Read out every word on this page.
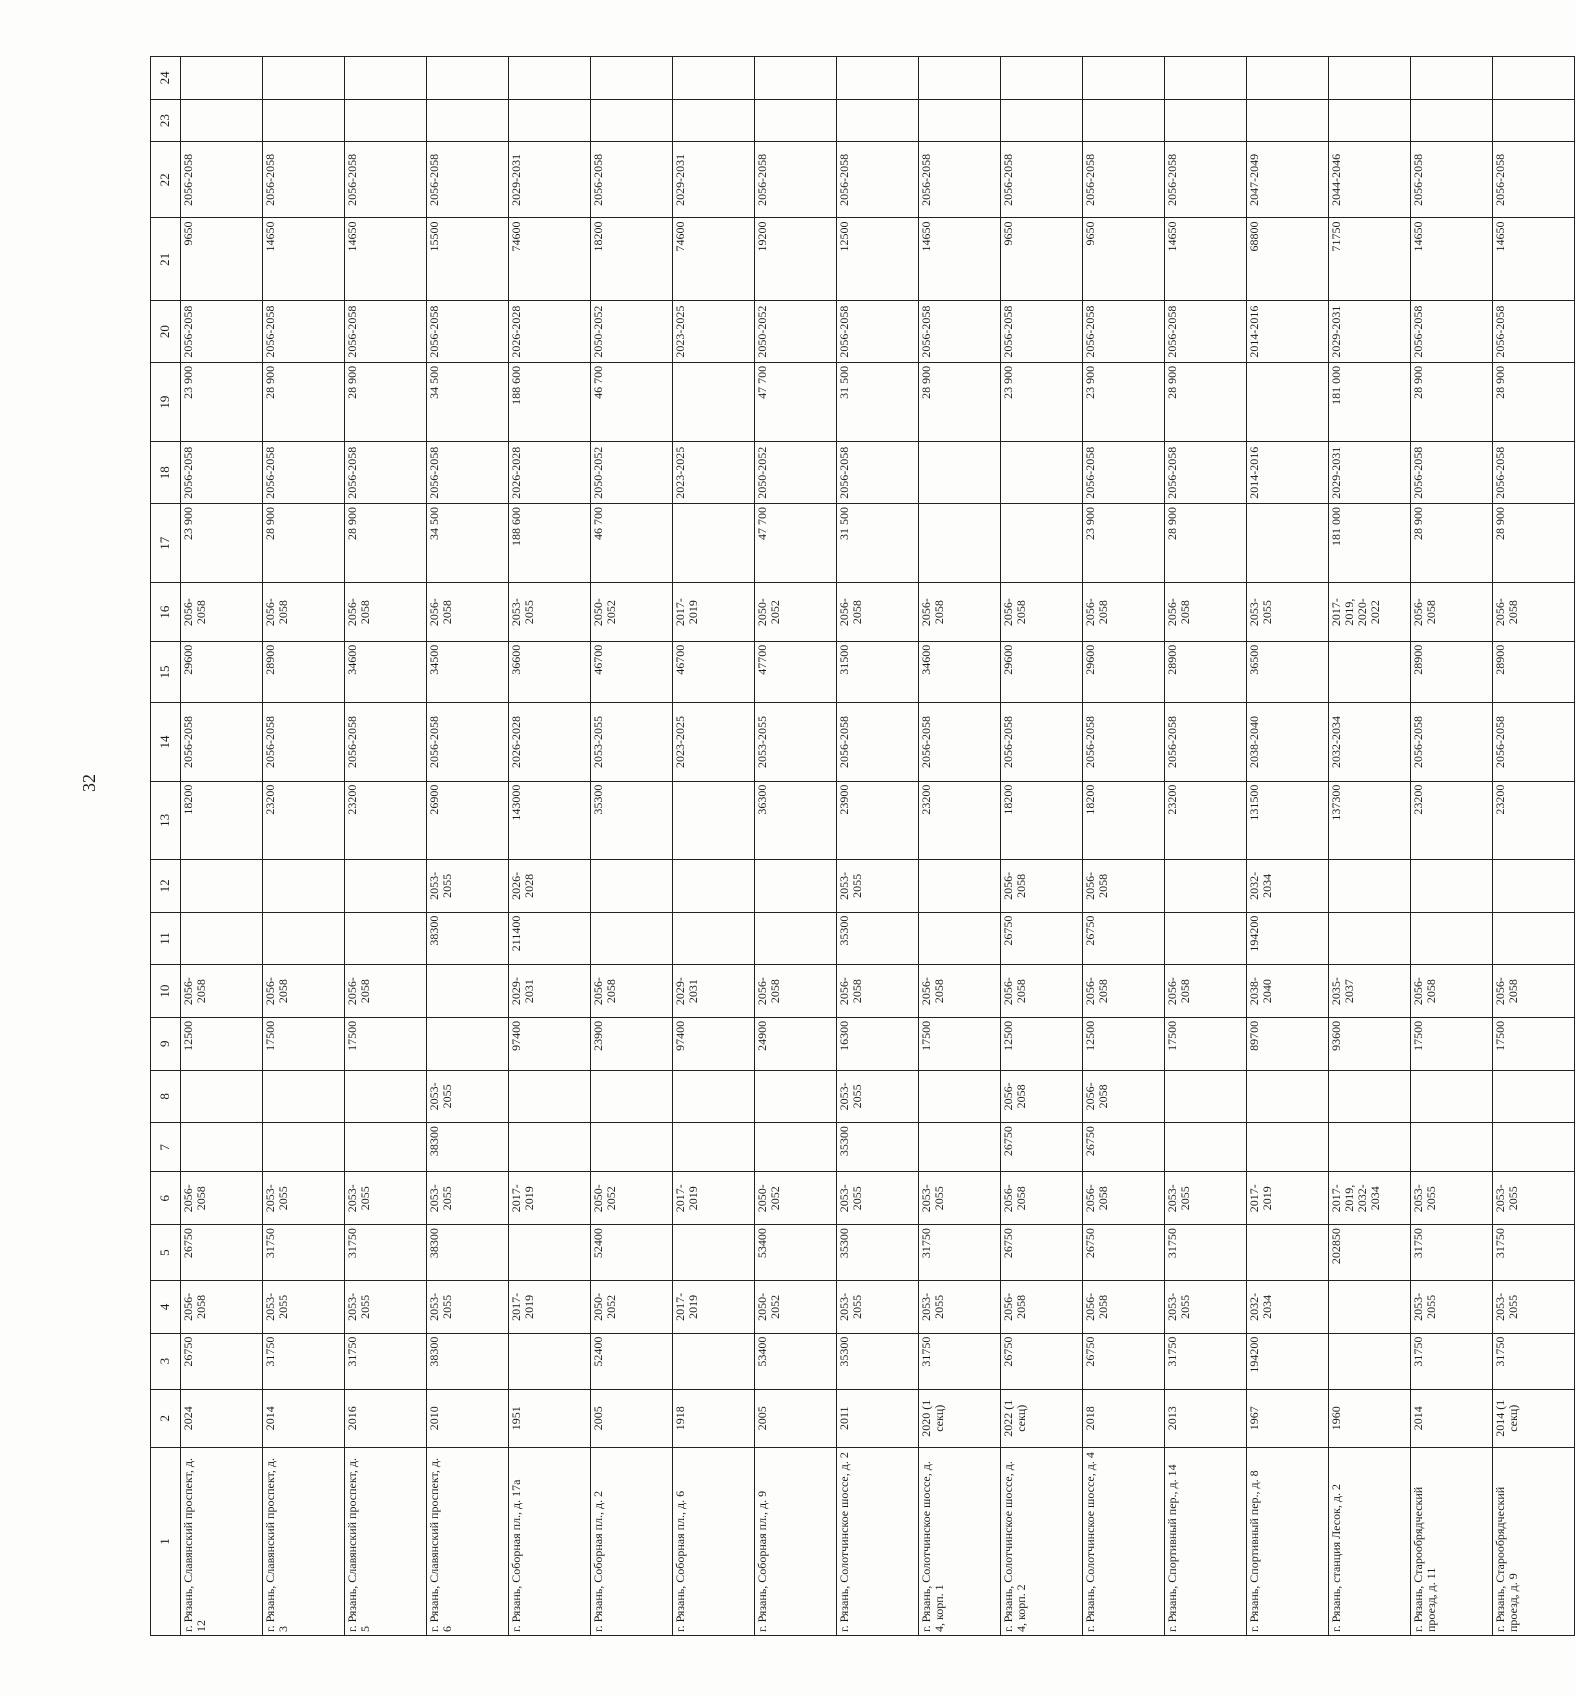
32
1	2	3	4	5	6	7	8	9	10	11	12	13	14	15	16	17	18	19	20	21	22	23	24
г. Рязань, Славянский проспект, д. 12	2024	26750	2056-2058	26750	2056-2058			12500	2056-2058			18200	2056-2058	29600	2056-2058	23 900	2056-2058	23 900	2056-2058	9650	2056-2058		
г. Рязань, Славянский проспект, д. 3	2014	31750	2053-2055	31750	2053-2055			17500	2056-2058			23200	2056-2058	28900	2056-2058	28 900	2056-2058	28 900	2056-2058	14650	2056-2058		
г. Рязань, Славянский проспект, д. 5	2016	31750	2053-2055	31750	2053-2055			17500	2056-2058			23200	2056-2058	34600	2056-2058	28 900	2056-2058	28 900	2056-2058	14650	2056-2058		
г. Рязань, Славянский проспект, д. 6	2010	38300	2053-2055	38300	2053-2055	38300	2053-2055			38300	2053-2055	26900	2056-2058	34500	2056-2058	34 500	2056-2058	34 500	2056-2058	15500	2056-2058		
г. Рязань, Соборная пл., д. 17а	1951		2017-2019		2017-2019			97400	2029-2031	211400	2026-2028	143000	2026-2028	36600	2053-2055	188 600	2026-2028	188 600	2026-2028	74600	2029-2031		
г. Рязань, Соборная пл., д. 2	2005	52400	2050-2052	52400	2050-2052			23900	2056-2058			35300	2053-2055	46700	2050-2052	46 700	2050-2052	46 700	2050-2052	18200	2056-2058		
г. Рязань, Соборная пл., д. 6	1918		2017-2019		2017-2019			97400	2029-2031				2023-2025	46700	2017-2019		2023-2025		2023-2025	74600	2029-2031		
г. Рязань, Соборная пл., д. 9	2005	53400	2050-2052	53400	2050-2052			24900	2056-2058			36300	2053-2055	47700	2050-2052	47 700	2050-2052	47 700	2050-2052	19200	2056-2058		
г. Рязань, Солотчинское шоссе, д. 2	2011	35300	2053-2055	35300	2053-2055	35300	2053-2055	16300	2056-2058	35300	2053-2055	23900	2056-2058	31500	2056-2058	31 500	2056-2058	31 500	2056-2058	12500	2056-2058		
г. Рязань, Солотчинское шоссе, д. 4, корп. 1	2020 (1 секц)	31750	2053-2055	31750	2053-2055			17500	2056-2058			23200	2056-2058	34600	2056-2058			28 900	2056-2058	14650	2056-2058		
г. Рязань, Солотчинское шоссе, д. 4, корп. 2	2022 (1 секц)	26750	2056-2058	26750	2056-2058	26750	2056-2058	12500	2056-2058	26750	2056-2058	18200	2056-2058	29600	2056-2058			23 900	2056-2058	9650	2056-2058		
г. Рязань, Солотчинское шоссе, д. 4	2018	26750	2056-2058	26750	2056-2058	26750	2056-2058	12500	2056-2058	26750	2056-2058	18200	2056-2058	29600	2056-2058	23 900	2056-2058	23 900	2056-2058	9650	2056-2058		
г. Рязань, Спортивный пер., д. 14	2013	31750	2053-2055	31750	2053-2055			17500	2056-2058			23200	2056-2058	28900	2056-2058	28 900	2056-2058	28 900	2056-2058	14650	2056-2058		
г. Рязань, Спортивный пер., д. 8	1967	194200	2032-2034		2017-2019			89700	2038-2040	194200	2032-2034	131500	2038-2040	36500	2053-2055		2014-2016		2014-2016	68800	2047-2049		
г. Рязань, станция Лесок, д. 2	1960			202850	2017-2019, 2032-2034			93600	2035-2037			137300	2032-2034		2017-2019, 2020-2022	181 000	2029-2031	181 000	2029-2031	71750	2044-2046		
г. Рязань, Старообрядческий проезд, д. 11	2014	31750	2053-2055	31750	2053-2055			17500	2056-2058			23200	2056-2058	28900	2056-2058	28 900	2056-2058	28 900	2056-2058	14650	2056-2058		
г. Рязань, Старообрядческий проезд, д. 9	2014 (1 секц)	31750	2053-2055	31750	2053-2055			17500	2056-2058			23200	2056-2058	28900	2056-2058	28 900	2056-2058	28 900	2056-2058	14650	2056-2058		
